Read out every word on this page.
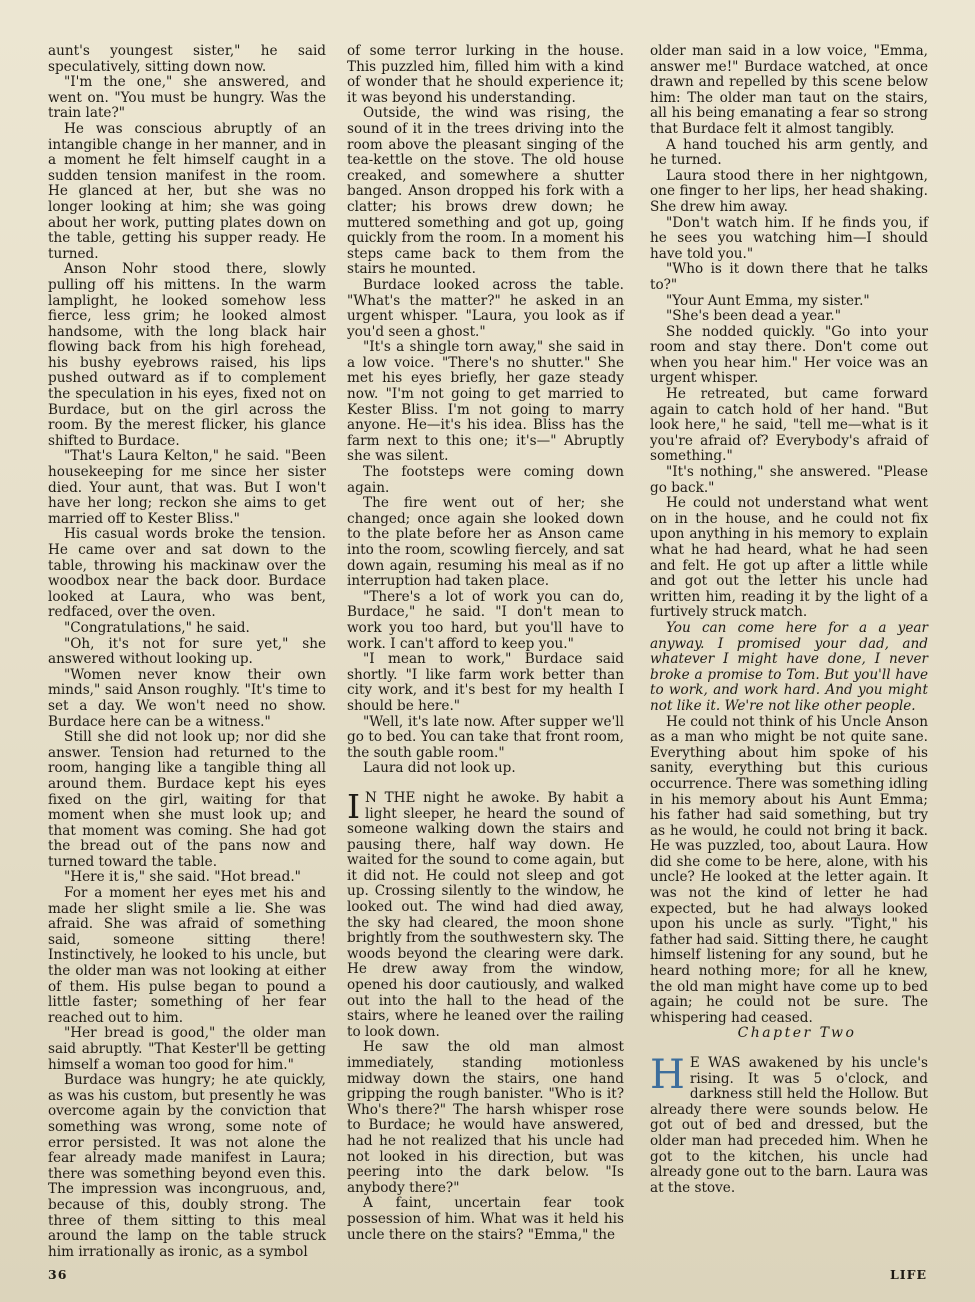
aunt's youngest sister," he said speculatively, sitting down now.

"I'm the one," she answered, and went on. "You must be hungry. Was the train late?"

He was conscious abruptly of an intangible change in her manner, and in a moment he felt himself caught in a sudden tension manifest in the room. He glanced at her, but she was no longer looking at him; she was going about her work, putting plates down on the table, getting his supper ready. He turned.

Anson Nohr stood there, slowly pulling off his mittens. In the warm lamplight, he looked somehow less fierce, less grim; he looked almost handsome, with the long black hair flowing back from his high forehead, his bushy eyebrows raised, his lips pushed outward as if to complement the speculation in his eyes, fixed not on Burdace, but on the girl across the room. By the merest flicker, his glance shifted to Burdace.

"That's Laura Kelton," he said. "Been housekeeping for me since her sister died. Your aunt, that was. But I won't have her long; reckon she aims to get married off to Kester Bliss."

His casual words broke the tension. He came over and sat down to the table, throwing his mackinaw over the woodbox near the back door. Burdace looked at Laura, who was bent, redfaced, over the oven.

"Congratulations," he said.

"Oh, it's not for sure yet," she answered without looking up.

"Women never know their own minds," said Anson roughly. "It's time to set a day. We won't need no show. Burdace here can be a witness."

Still she did not look up; nor did she answer. Tension had returned to the room, hanging like a tangible thing all around them. Burdace kept his eyes fixed on the girl, waiting for that moment when she must look up; and that moment was coming. She had got the bread out of the pans now and turned toward the table.

"Here it is," she said. "Hot bread."

For a moment her eyes met his and made her slight smile a lie. She was afraid. She was afraid of something said, someone sitting there! Instinctively, he looked to his uncle, but the older man was not looking at either of them. His pulse began to pound a little faster; something of her fear reached out to him.

"Her bread is good," the older man said abruptly. "That Kester'll be getting himself a woman too good for him."

Burdace was hungry; he ate quickly, as was his custom, but presently he was overcome again by the conviction that something was wrong, some note of error persisted. It was not alone the fear already made manifest in Laura; there was something beyond even this. The impression was incongruous, and, because of this, doubly strong. The three of them sitting to this meal around the lamp on the table struck him irrationally as ironic, as a symbol

of some terror lurking in the house. This puzzled him, filled him with a kind of wonder that he should experience it; it was beyond his understanding.

Outside, the wind was rising, the sound of it in the trees driving into the room above the pleasant singing of the tea-kettle on the stove. The old house creaked, and somewhere a shutter banged. Anson dropped his fork with a clatter; his brows drew down; he muttered something and got up, going quickly from the room. In a moment his steps came back to them from the stairs he mounted.

Burdace looked across the table. "What's the matter?" he asked in an urgent whisper. "Laura, you look as if you'd seen a ghost."

"It's a shingle torn away," she said in a low voice. "There's no shutter." She met his eyes briefly, her gaze steady now. "I'm not going to get married to Kester Bliss. I'm not going to marry anyone. He—it's his idea. Bliss has the farm next to this one; it's—" Abruptly she was silent.

The footsteps were coming down again.

The fire went out of her; she changed; once again she looked down to the plate before her as Anson came into the room, scowling fiercely, and sat down again, resuming his meal as if no interruption had taken place.

"There's a lot of work you can do, Burdace," he said. "I don't mean to work you too hard, but you'll have to work. I can't afford to keep you."

"I mean to work," Burdace said shortly. "I like farm work better than city work, and it's best for my health I should be here."

"Well, it's late now. After supper we'll go to bed. You can take that front room, the south gable room."

Laura did not look up.

I N THE night he awoke. By habit a light sleeper, he heard the sound of someone walking down the stairs and pausing there, half way down. He waited for the sound to come again, but it did not. He could not sleep and got up. Crossing silently to the window, he looked out. The wind had died away, the sky had cleared, the moon shone brightly from the southwestern sky. The woods beyond the clearing were dark. He drew away from the window, opened his door cautiously, and walked out into the hall to the head of the stairs, where he leaned over the railing to look down.

He saw the old man almost immediately, standing motionless midway down the stairs, one hand gripping the rough banister. "Who is it? Who's there?" The harsh whisper rose to Burdace; he would have answered, had he not realized that his uncle had not looked in his direction, but was peering into the dark below. "Is anybody there?"

A faint, uncertain fear took possession of him. What was it held his uncle there on the stairs? "Emma," the

older man said in a low voice, "Emma, answer me!" Burdace watched, at once drawn and repelled by this scene below him: The older man taut on the stairs, all his being emanating a fear so strong that Burdace felt it almost tangibly.

A hand touched his arm gently, and he turned.

Laura stood there in her nightgown, one finger to her lips, her head shaking. She drew him away.

"Don't watch him. If he finds you, if he sees you watching him—I should have told you."

"Who is it down there that he talks to?"

"Your Aunt Emma, my sister."

"She's been dead a year."

She nodded quickly. "Go into your room and stay there. Don't come out when you hear him." Her voice was an urgent whisper.

He retreated, but came forward again to catch hold of her hand. "But look here," he said, "tell me—what is it you're afraid of? Everybody's afraid of something."

"It's nothing," she answered. "Please go back."

He could not understand what went on in the house, and he could not fix upon anything in his memory to explain what he had heard, what he had seen and felt. He got up after a little while and got out the letter his uncle had written him, reading it by the light of a furtively struck match.

You can come here for a a year anyway. I promised your dad, and whatever I might have done, I never broke a promise to Tom. But you'll have to work, and work hard. And you might not like it. We're not like other people.

He could not think of his Uncle Anson as a man who might be not quite sane. Everything about him spoke of his sanity, everything but this curious occurrence. There was something idling in his memory about his Aunt Emma; his father had said something, but try as he would, he could not bring it back. He was puzzled, too, about Laura. How did she come to be here, alone, with his uncle? He looked at the letter again. It was not the kind of letter he had expected, but he had always looked upon his uncle as surly. "Tight," his father had said. Sitting there, he caught himself listening for any sound, but he heard nothing more; for all he knew, the old man might have come up to bed again; he could not be sure. The whispering had ceased.

Chapter Two

H E WAS awakened by his uncle's rising. It was 5 o'clock, and darkness still held the Hollow. But already there were sounds below. He got out of bed and dressed, but the older man had preceded him. When he got to the kitchen, his uncle had already gone out to the barn. Laura was at the stove.

36	LIFE
